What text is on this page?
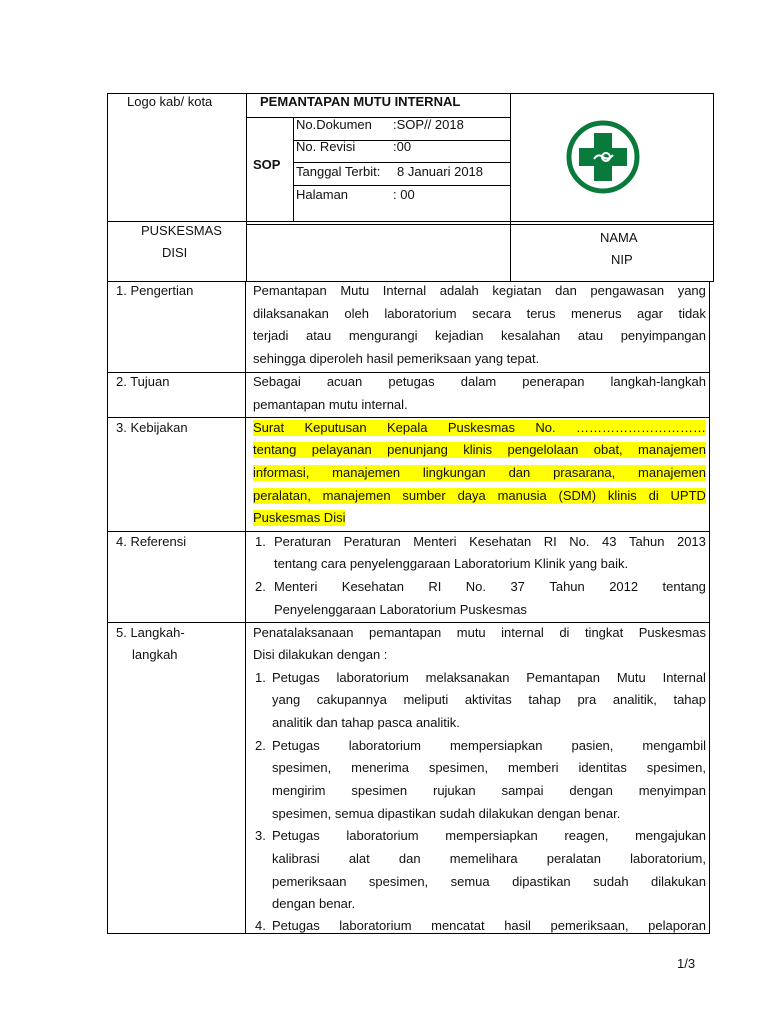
Logo kab/ kota	PEMANTAPAN MUTU INTERNAL
SOP
No.Dokumen :SOP// 2018
No. Revisi	:00
Tanggal Terbit: 8 Januari 2018
Halaman	: 00
PUSKESMAS
DISI
NAMA
NIP
1. Pengertian	Pemantapan Mutu Internal adalah kegiatan dan pengawasan yang
dilaksanakan oleh laboratorium secara terus menerus agar tidak
terjadi atau mengurangi kejadian kesalahan atau penyimpangan
sehingga diperoleh hasil pemeriksaan yang tepat.
2. Tujuan	Sebagai acuan petugas dalam penerapan langkah-langkah
pemantapan mutu internal.
3. Kebijakan	Surat Keputusan Kepala Puskesmas No. …………………………
tentang pelayanan penunjang klinis pengelolaan obat, manajemen
informasi, manajemen lingkungan dan prasarana, manajemen
peralatan, manajemen sumber daya manusia (SDM) klinis di UPTD
Puskesmas Disi
4. Referensi	1. Peraturan Peraturan Menteri Kesehatan RI No. 43 Tahun 2013
tentang cara penyelenggaraan Laboratorium Klinik yang baik.
2. Menteri Kesehatan RI No. 37 Tahun 2012 tentang
Penyelenggaraan Laboratorium Puskesmas
5. Langkah-
langkah
Penatalaksanaan pemantapan mutu internal di tingkat Puskesmas
Disi dilakukan dengan :
1. Petugas laboratorium melaksanakan Pemantapan Mutu Internal
yang cakupannya meliputi aktivitas tahap pra analitik, tahap
analitik dan tahap pasca analitik.
2. Petugas laboratorium mempersiapkan pasien, mengambil
spesimen, menerima spesimen, memberi identitas spesimen,
mengirim spesimen rujukan sampai dengan menyimpan
spesimen, semua dipastikan sudah dilakukan dengan benar.
3. Petugas laboratorium mempersiapkan reagen, mengajukan
kalibrasi alat dan memelihara peralatan laboratorium,
pemeriksaan spesimen, semua dipastikan sudah dilakukan
dengan benar.
4. Petugas laboratorium mencatat hasil pemeriksaan, pelaporan
1/3
